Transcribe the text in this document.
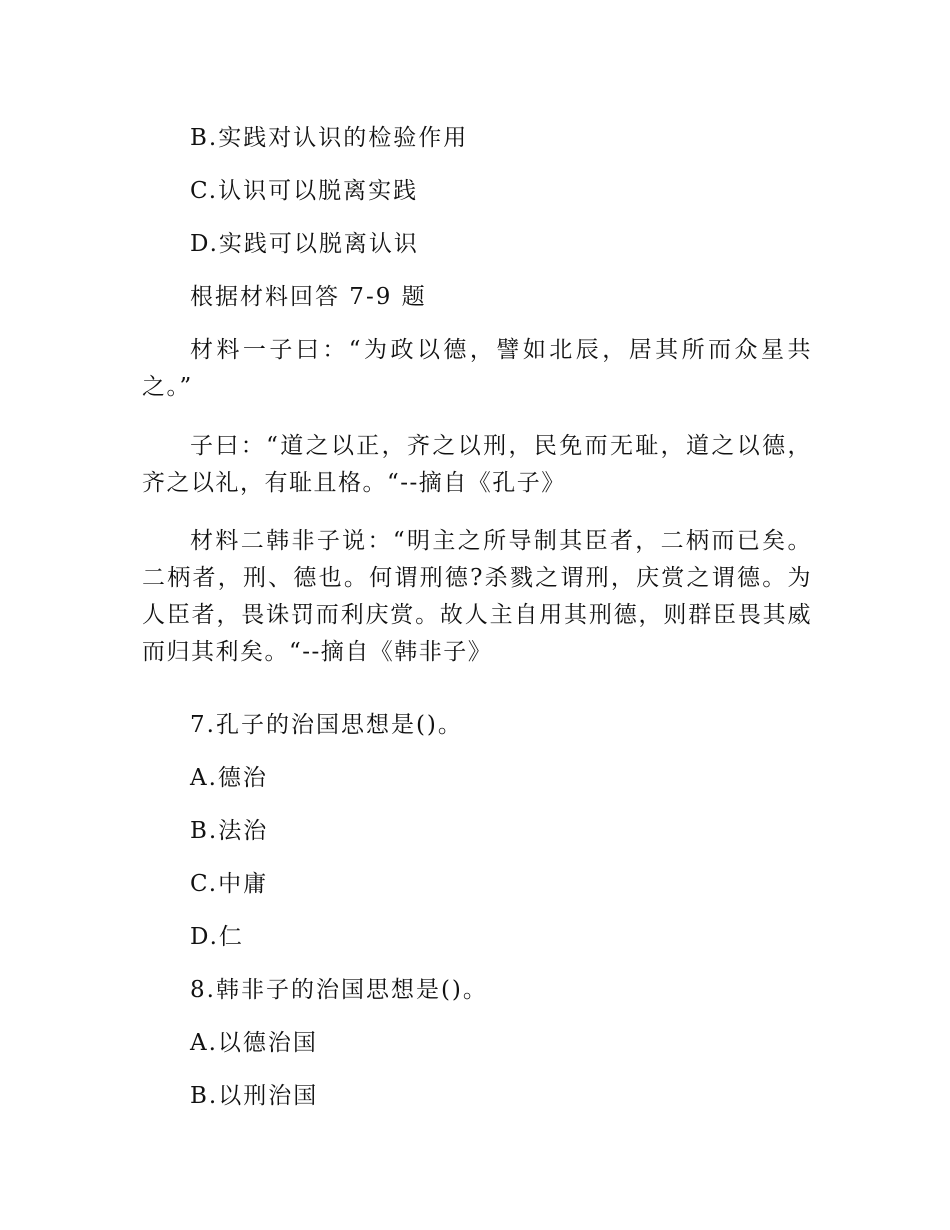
B.实践对认识的检验作用
C.认识可以脱离实践
D.实践可以脱离认识
根据材料回答 7-9 题
材料一子曰：“为政以德，譬如北辰，居其所而众星共之。”
子曰：“道之以正，齐之以刑，民免而无耻，道之以德，齐之以礼，有耻且格。“--摘自《孔子》
材料二韩非子说：“明主之所导制其臣者，二柄而已矣。二柄者，刑、德也。何谓刑德?杀戮之谓刑，庆赏之谓德。为人臣者，畏诛罚而利庆赏。故人主自用其刑德，则群臣畏其威而归其利矣。“--摘自《韩非子》
7.孔子的治国思想是()。
A.德治
B.法治
C.中庸
D.仁
8.韩非子的治国思想是()。
A.以德治国
B.以刑治国
